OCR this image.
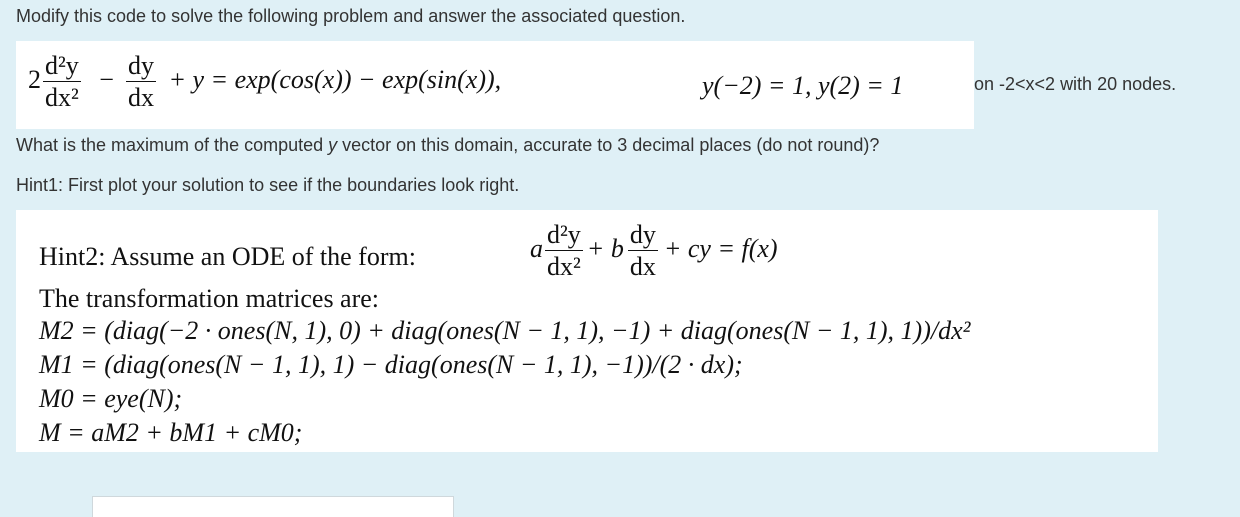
Modify this code to solve the following problem and answer the associated question.
$2 \frac{\text{d²y}}{\text{dx²}} - \frac{dy}{dx} + y = \exp(\cos(x)) - \exp(\sin(x))$,	y(−2) = 1, y(2) = 1	on -2<x<2 with 20 nodes.
What is the maximum of the computed y vector on this domain, accurate to 3 decimal places (do not round)?
Hint1: First plot your solution to see if the boundaries look right.
Hint2: Assume an ODE of the form:	a $\frac{\text{d²y}}{\text{dx²}} + b \frac{dy}{dx}$ + cy = f(x)
The transformation matrices are:
M2 = (diag(−2 · ones(N, 1), 0) + diag(ones(N − 1, 1), −1) + diag(ones(N − 1, 1), 1))/dx²
M1 = (diag(ones(N − 1, 1), 1) − diag(ones(N − 1, 1), −1))/(2 · dx);
M0 = eye(N);
M = aM2 + bM1 + cM0;
